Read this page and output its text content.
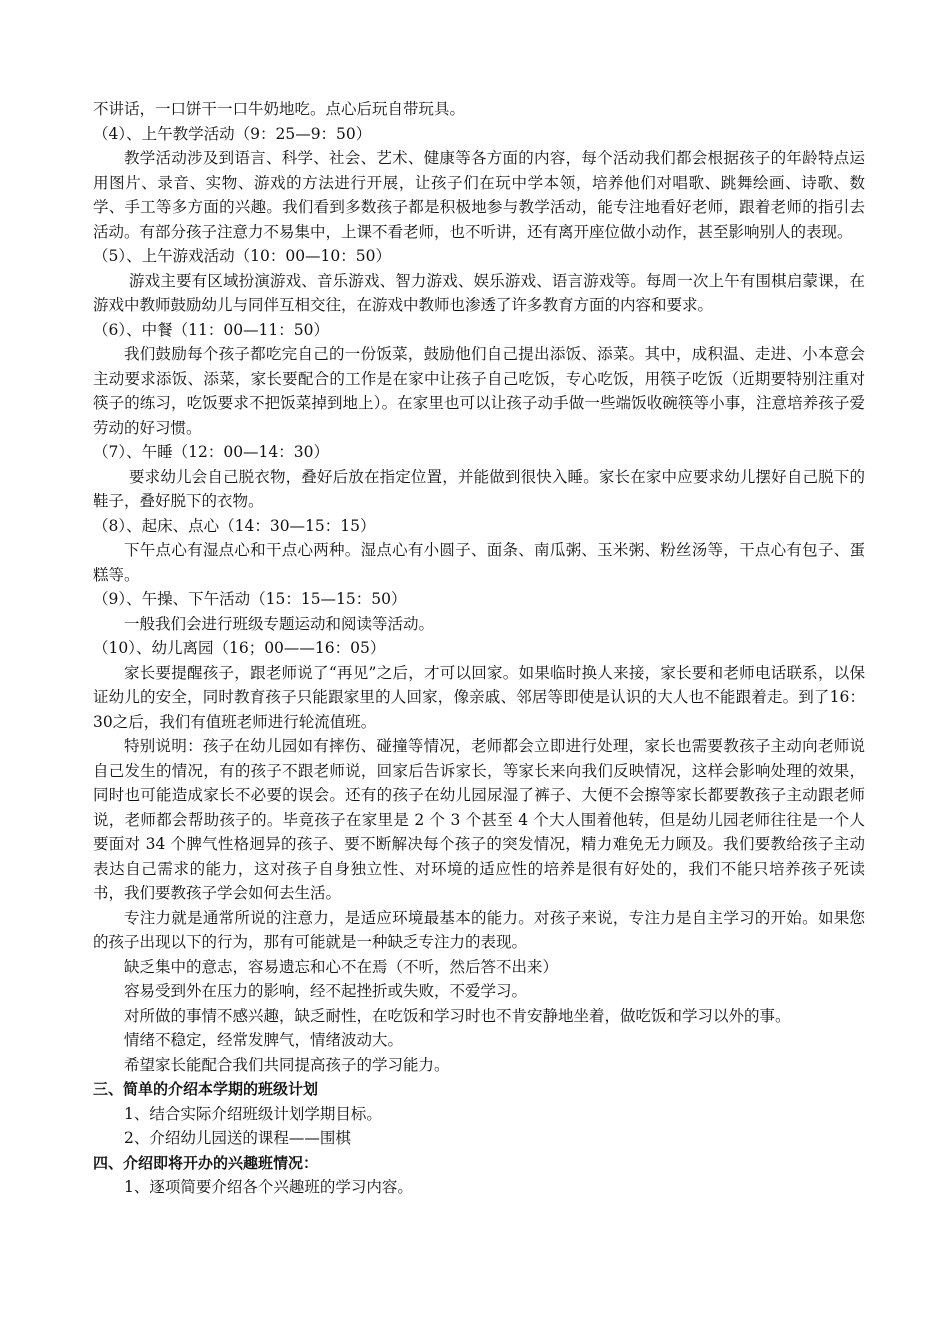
不讲话，一口饼干一口牛奶地吃。点心后玩自带玩具。

（4）、上午教学活动（9：25—9：50）

教学活动涉及到语言、科学、社会、艺术、健康等各方面的内容，每个活动我们都会根据孩子的年龄特点运用图片、录音、实物、游戏的方法进行开展，让孩子们在玩中学本领，培养他们对唱歌、跳舞绘画、诗歌、数学、手工等多方面的兴趣。我们看到多数孩子都是积极地参与教学活动，能专注地看好老师，跟着老师的指引去活动。有部分孩子注意力不易集中，上课不看老师，也不听讲，还有离开座位做小动作，甚至影响别人的表现。

（5）、上午游戏活动（10：00—10：50）

游戏主要有区域扮演游戏、音乐游戏、智力游戏、娱乐游戏、语言游戏等。每周一次上午有围棋启蒙课，在游戏中教师鼓励幼儿与同伴互相交往，在游戏中教师也渗透了许多教育方面的内容和要求。

（6）、中餐（11：00—11：50）

我们鼓励每个孩子都吃完自己的一份饭菜，鼓励他们自己提出添饭、添菜。其中，成积温、走进、小本意会主动要求添饭、添菜，家长要配合的工作是在家中让孩子自己吃饭，专心吃饭，用筷子吃饭（近期要特别注重对筷子的练习，吃饭要求不把饭菜掉到地上）。在家里也可以让孩子动手做一些端饭收碗筷等小事，注意培养孩子爱劳动的好习惯。

（7）、午睡（12：00—14：30）

要求幼儿会自己脱衣物，叠好后放在指定位置，并能做到很快入睡。家长在家中应要求幼儿摆好自己脱下的鞋子，叠好脱下的衣物。

（8）、起床、点心（14：30—15：15）

下午点心有湿点心和干点心两种。湿点心有小圆子、面条、南瓜粥、玉米粥、粉丝汤等，干点心有包子、蛋糕等。

（9）、午操、下午活动（15：15—15：50）

一般我们会进行班级专题运动和阅读等活动。

（10）、幼儿离园（16；00——16：05）

家长要提醒孩子，跟老师说了“再见”之后，才可以回家。如果临时换人来接，家长要和老师电话联系，以保证幼儿的安全，同时教育孩子只能跟家里的人回家，像亲戚、邻居等即使是认识的大人也不能跟着走。到了16：30之后，我们有值班老师进行轮流值班。

特别说明：孩子在幼儿园如有摔伤、碰撞等情况，老师都会立即进行处理，家长也需要教孩子主动向老师说自己发生的情况，有的孩子不跟老师说，回家后告诉家长，等家长来向我们反映情况，这样会影响处理的效果，同时也可能造成家长不必要的误会。还有的孩子在幼儿园尿湿了裤子、大便不会擦等家长都要教孩子主动跟老师说，老师都会帮助孩子的。毕竟孩子在家里是 2 个 3 个甚至 4 个大人围着他转，但是幼儿园老师往往是一个人要面对 34 个脾气性格迥异的孩子、要不断解决每个孩子的突发情况，精力难免无力顾及。我们要教给孩子主动表达自己需求的能力，这对孩子自身独立性、对环境的适应性的培养是很有好处的，我们不能只培养孩子死读书，我们要教孩子学会如何去生活。

专注力就是通常所说的注意力，是适应环境最基本的能力。对孩子来说，专注力是自主学习的开始。如果您的孩子出现以下的行为，那有可能就是一种缺乏专注力的表现。

缺乏集中的意志，容易遗忘和心不在焉（不听，然后答不出来）

容易受到外在压力的影响，经不起挫折或失败，不爱学习。

对所做的事情不感兴趣，缺乏耐性，在吃饭和学习时也不肯安静地坐着，做吃饭和学习以外的事。

情绪不稳定，经常发脾气，情绪波动大。

希望家长能配合我们共同提高孩子的学习能力。

三、简单的介绍本学期的班级计划

1、结合实际介绍班级计划学期目标。

2、介绍幼儿园送的课程——围棋

四、介绍即将开办的兴趣班情况：

1、逐项简要介绍各个兴趣班的学习内容。
